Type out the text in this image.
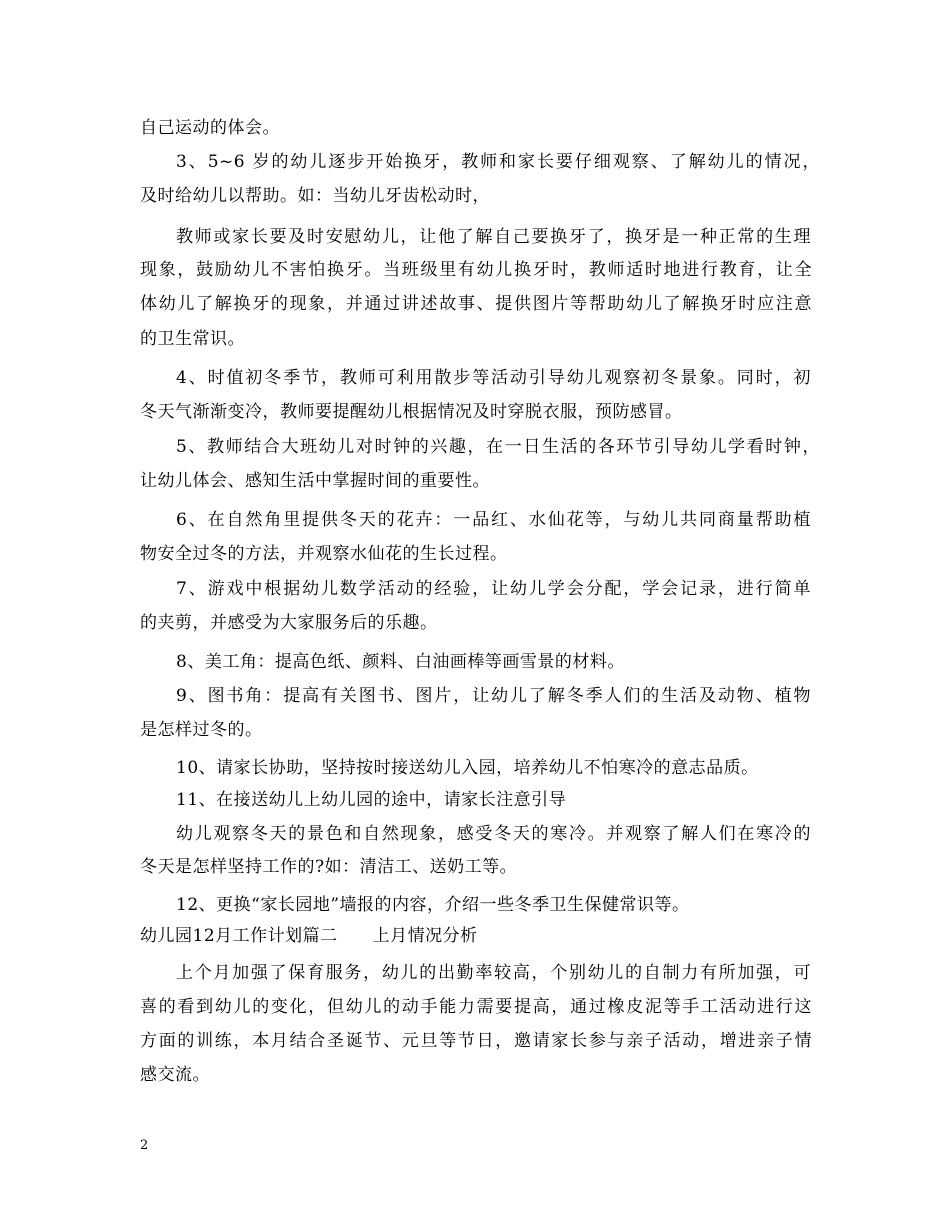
自己运动的体会。
3、5~6 岁的幼儿逐步开始换牙，教师和家长要仔细观察、了解幼儿的情况，
及时给幼儿以帮助。如：当幼儿牙齿松动时，
教师或家长要及时安慰幼儿，让他了解自己要换牙了，换牙是一种正常的生理
现象，鼓励幼儿不害怕换牙。当班级里有幼儿换牙时，教师适时地进行教育，让全
体幼儿了解换牙的现象，并通过讲述故事、提供图片等帮助幼儿了解换牙时应注意
的卫生常识。
4、时值初冬季节，教师可利用散步等活动引导幼儿观察初冬景象。同时，初
冬天气渐渐变冷，教师要提醒幼儿根据情况及时穿脱衣服，预防感冒。
5、教师结合大班幼儿对时钟的兴趣，在一日生活的各环节引导幼儿学看时钟，
让幼儿体会、感知生活中掌握时间的重要性。
6、在自然角里提供冬天的花卉：一品红、水仙花等，与幼儿共同商量帮助植
物安全过冬的方法，并观察水仙花的生长过程。
7、游戏中根据幼儿数学活动的经验，让幼儿学会分配，学会记录，进行简单
的夹剪，并感受为大家服务后的乐趣。
8、美工角：提高色纸、颜料、白油画棒等画雪景的材料。
9、图书角：提高有关图书、图片，让幼儿了解冬季人们的生活及动物、植物
是怎样过冬的。
10、请家长协助，坚持按时接送幼儿入园，培养幼儿不怕寒冷的意志品质。
11、在接送幼儿上幼儿园的途中，请家长注意引导
幼儿观察冬天的景色和自然现象，感受冬天的寒冷。并观察了解人们在寒冷的
冬天是怎样坚持工作的?如：清洁工、送奶工等。
12、更换“家长园地”墙报的内容，介绍一些冬季卫生保健常识等。
幼儿园12月工作计划篇二　　上月情况分析
上个月加强了保育服务，幼儿的出勤率较高，个别幼儿的自制力有所加强，可
喜的看到幼儿的变化，但幼儿的动手能力需要提高，通过橡皮泥等手工活动进行这
方面的训练，本月结合圣诞节、元旦等节日，邀请家长参与亲子活动，增进亲子情
感交流。
2
